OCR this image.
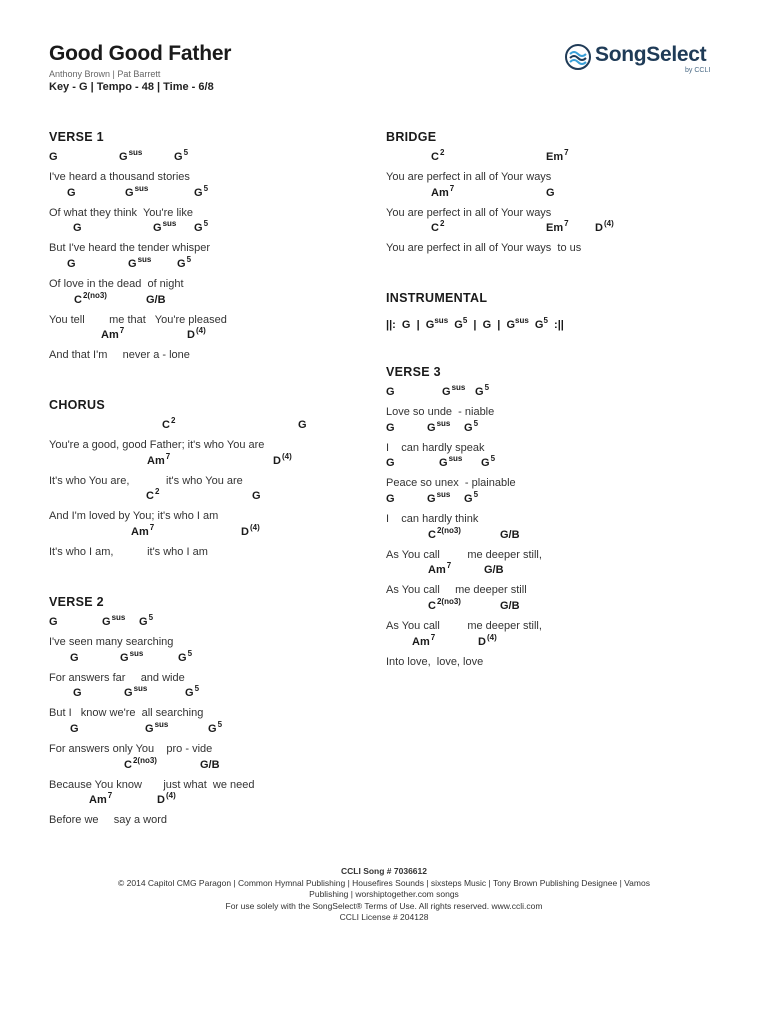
Good Good Father
Anthony Brown | Pat Barrett
Key - G | Tempo - 48 | Time - 6/8
SongSelect
by CCLI
VERSE 1
G	$G^{sus}$	$G^5$
I've heard a thousand stories
G	$G^{sus}$	$G^5$
Of what they think  You're like
G	$G^{sus}$ $G^5$
But I've heard the tender whisper
G	$G^{sus}$ $G^5$
Of love in the dead  of night
$C^{2(no3)}$	G/B
You tell        me that   You're pleased
Am$^7$	$D^{(4)}$
And that I'm     never a - lone
CHORUS
$C^2$	G
You're a good, good Father; it's who You are
Am$^7$	$D^{(4)}$
It's who You are,            it's who You are
$C^2$	G
And I'm loved by You; it's who I am
Am$^7$	$D^{(4)}$
It's who I am,           it's who I am
VERSE 2
G	$G^{sus}$ $G^5$
I've seen many searching
G	$G^{sus}$	$G^5$
For answers far     and wide
G	$G^{sus}$	$G^5$
But I   know we're  all searching
G	$G^{sus}$	$G^5$
For answers only You    pro - vide
$C^{2(no3)}$	G/B
Because You know       just what  we need
Am$^7$	$D^{(4)}$
Before we     say a word
BRIDGE
$C^2$	Em$^7$
You are perfect in all of Your ways
Am$^7$	G
You are perfect in all of Your ways
$C^2$	Em$^7$ $D^{(4)}$
You are perfect in all of Your ways  to us
INSTRUMENTAL
||:  G  |  $G^{sus}$  $G^5$  |  G  |  $G^{sus}$  $G^5$  :||
VERSE 3
G	$G^{sus}$ $G^5$
Love so unde  - niable
G	$G^{sus}$ $G^5$
I    can hardly speak
G	$G^{sus}$ $G^5$
Peace so unex  - plainable
G	$G^{sus}$ $G^5$
I    can hardly think
$C^{2(no3)}$	G/B
As You call         me deeper still,
Am$^7$	G/B
As You call     me deeper still
$C^{2(no3)}$	G/B
As You call         me deeper still,
Am$^7$	$D^{(4)}$
Into love,  love, love
CCLI Song # 7036612
© 2014 Capitol CMG Paragon | Common Hymnal Publishing | Housefires Sounds | sixsteps Music | Tony Brown Publishing Designee | Vamos
Publishing | worshiptogether.com songs
For use solely with the SongSelect® Terms of Use. All rights reserved. www.ccli.com
CCLI License # 204128
